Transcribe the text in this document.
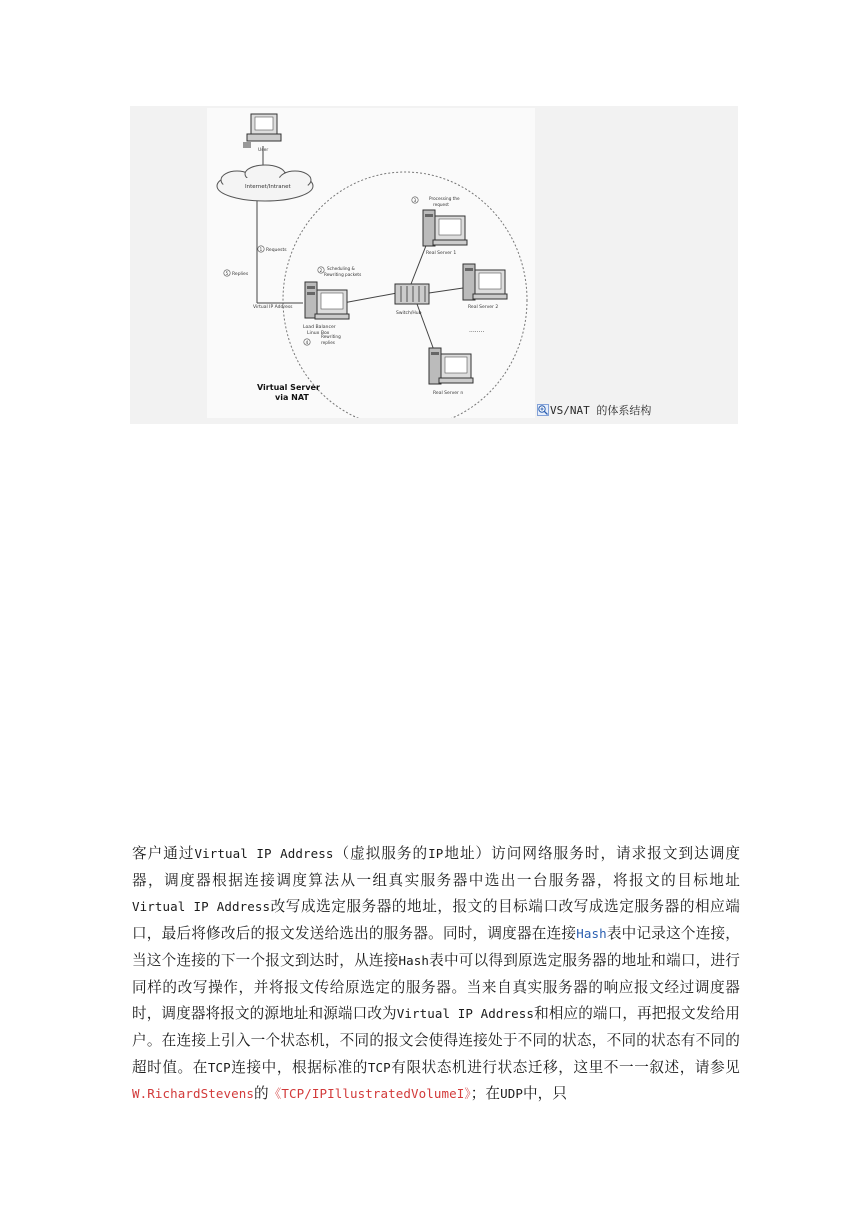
User
Internet/Intranet
1 Requests
5 Replies
Virtual IP Address
2 Scheduling &
Rewriting packets
Load Balancer
Linux Box
4
Rewriting
replies
Switch/Hub
3	Processing the
request
Real Server 1
Real Server 2
........
Real Server n
Virtual Server
via NAT
VS/NAT 的体系结构

客户通过Virtual IP Address（虚拟服务的IP地址）访问网络服务时，请求报文到达调度器，调度器根据连接调度算法从一组真实服务器中选出一台服务器，将报文的目标地址Virtual IP Address改写成选定服务器的地址，报文的目标端口改写成选定服务器的相应端口，最后将修改后的报文发送给选出的服务器。同时，调度器在连接Hash表中记录这个连接，当这个连接的下一个报文到达时，从连接Hash表中可以得到原选定服务器的地址和端口，进行同样的改写操作，并将报文传给原选定的服务器。当来自真实服务器的响应报文经过调度器时，调度器将报文的源地址和源端口改为Virtual IP Address和相应的端口，再把报文发给用户。在连接上引入一个状态机，不同的报文会使得连接处于不同的状态，不同的状态有不同的超时值。在TCP连接中，根据标准的TCP有限状态机进行状态迁移，这里不一一叙述，请参见W.RichardStevens的《TCP/IPIllustratedVolumeI》；在UDP中，只
